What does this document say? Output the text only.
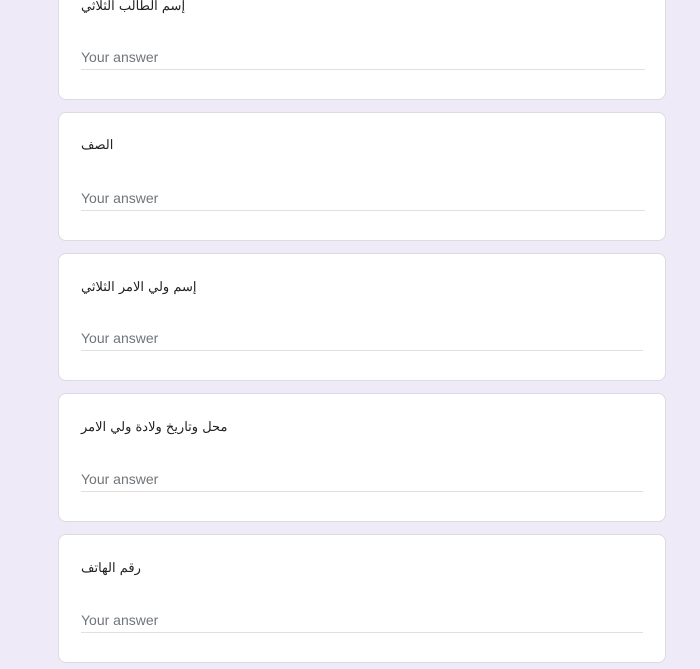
إسم الطالب الثلاثي
Your answer
الصف
Your answer
إسم ولي الامر الثلاثي
Your answer
محل وتاريخ ولادة ولي الامر
Your answer
رقم الهاتف
Your answer
